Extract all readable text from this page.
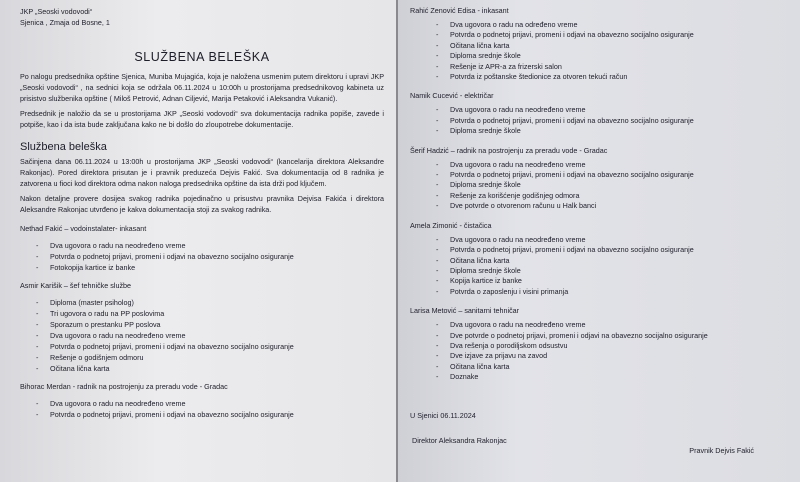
JKP „Seoski vodovodi“

Sjenica , Zmaja od Bosne, 1

SLUŽBENA BELEŠKA

Po nalogu predsednika opštine Sjenica, Muniba Mujagića, koja je naložena usmenim putem direktoru i upravi JKP „Seoski vodovodi“ , na sednici koja se održala 06.11.2024 u 10:00h u prostorijama predsednikovog kabineta uz prisistvo službenika opštine ( Miloš Petrović, Adnan Ciljević, Marija Petaković i Aleksandra Vukanić).

Predsednik je naložio da se u prostorijama JKP „Seoski vodovodi“ sva dokumentacija radnika popiše, zavede i potpiše, kao i da ista bude zaključana kako ne bi došlo do zloupotrebe dokumentacije.

Službena beleška

Sačinjena dana 06.11.2024 u 13:00h u prostorijama JKP „Seoski vodovodi“ (kancelarija direktora Aleksandre Rakonjac). Pored direktora prisutan je i pravnik preduzeća Dejvis Fakić. Sva dokumentacija od 8 radnika je zatvorena u fioci kod direktora odma nakon naloga predsednika opštine da ista drži pod ključem.

Nakon detaljne provere dosijea svakog radnika pojedinačno u prisustvu pravnika Dejvisa Fakića i direktora Aleksandre Rakonjac utvrđeno je kakva dokumentacija stoji za svakog radnika.

Nethad Fakić – vodoinstalater- inkasant

- Dva ugovora o radu na neodređeno vreme
- Potvrda o podnetoj prijavi, promeni i odjavi na obavezno socijalno osiguranje
- Fotokopija kartice iz banke

Asmir Karišik – šef tehničke službe

- Diploma (master psiholog)
- Tri ugovora o radu na PP poslovima
- Sporazum o prestanku PP poslova
- Dva ugovora o radu na neodređeno vreme
- Potvrda o podnetoj prijavi, promeni i odjavi na obavezno socijalno osiguranje
- Rešenje o godišnjem odmoru
- Očitana lična karta

Bihorac Merdan - radnik na postrojenju za preradu vode - Gradac

- Dva ugovora o radu na neodređeno vreme
- Potvrda o podnetoj prijavi, promeni i odjavi na obavezno socijalno osiguranje

Rahić Zenović Edisa - inkasant

- Dva ugovora o radu na određeno vreme
- Potvrda o podnetoj prijavi, promeni i odjavi na obavezno socijalno osiguranje
- Očitana lična karta
- Diploma srednje škole
- Rešenje iz APR-a za frizerski salon
- Potvrda iz poštanske štedionice za otvoren tekući račun

Namik Cucević - električar

- Dva ugovora o radu na neodređeno vreme
- Potvrda o podnetoj prijavi, promeni i odjavi na obavezno socijalno osiguranje
- Diploma srednje škole

Šerif Hadzić – radnik na postrojenju za preradu vode - Gradac

- Dva ugovora o radu na neodređeno vreme
- Potvrda o podnetoj prijavi, promeni i odjavi na obavezno socijalno osiguranje
- Diploma srednje škole
- Rešenje za korišćenje godišnjeg odmora
- Dve potvrde o otvorenom računu u Halk banci

Amela Zimonić - čistačica

- Dva ugovora o radu na neodređeno vreme
- Potvrda o podnetoj prijavi, promeni i odjavi na obavezno socijalno osiguranje
- Očitana lična karta
- Diploma srednje škole
- Kopija kartice iz banke
- Potvrda o zaposlenju i visini primanja

Larisa Metović – sanitarni tehničar

- Dva ugovora o radu na neodređeno vreme
- Dve potvrde o podnetoj prijavi, promeni i odjavi na obavezno socijalno osiguranje
- Dva rešenja o porodiljskom odsustvu
- Dve izjave za prijavu na zavod
- Očitana lična karta
- Doznake

U Sjenici 06.11.2024

Direktor Aleksandra Rakonjac
Pravnik Dejvis Fakić
